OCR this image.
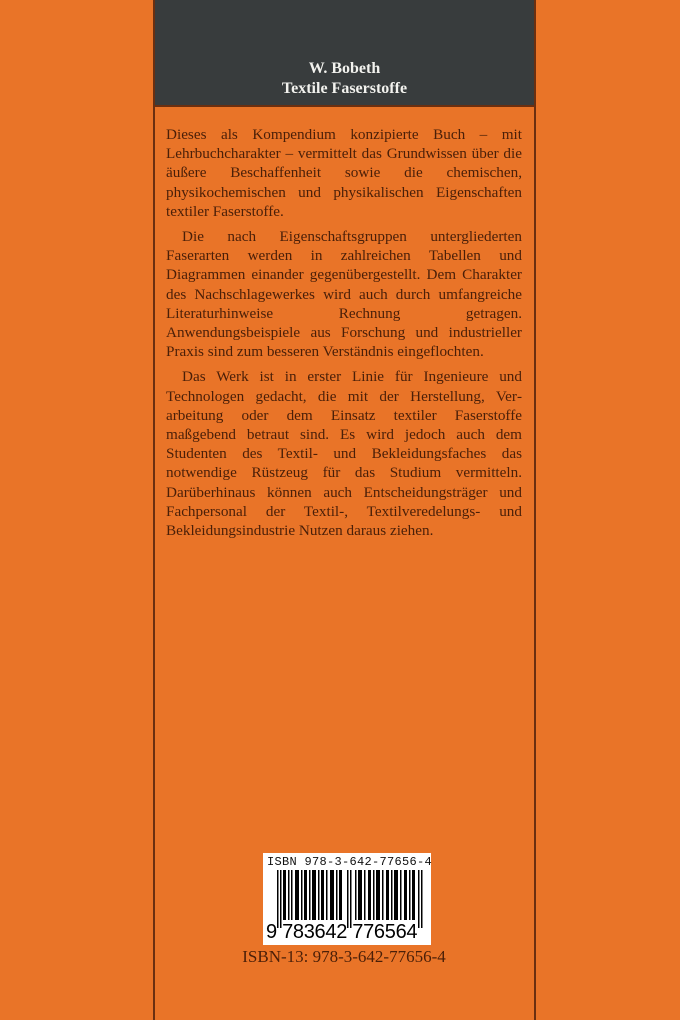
W. Bobeth
Textile Faserstoffe

Dieses als Kompendium konzipierte Buch – mit Lehrbuchcharakter – vermittelt das Grundwissen über die äußere Beschaffenheit sowie die chemischen, physikochemischen und physikalischen Eigenschaften textiler Faserstoffe.

Die nach Eigenschaftsgruppen untergliederten Faserarten werden in zahlreichen Tabellen und Diagrammen einander gegenübergestellt. Dem Charakter des Nachschlagewerkes wird auch durch umfangreiche Literaturhinweise Rechnung getragen. Anwendungsbeispiele aus Forschung und industrieller Praxis sind zum besseren Verständnis eingeflochten.

Das Werk ist in erster Linie für Ingenieure und Technologen gedacht, die mit der Herstellung, Verarbeitung oder dem Einsatz textiler Faserstoffe maßgebend betraut sind. Es wird jedoch auch dem Studenten des Textil- und Bekleidungsfaches das notwendige Rüstzeug für das Studium vermitteln. Darüberhinaus können auch Entscheidungsträger und Fachpersonal der Textil-, Textilveredelungs- und Bekleidungsindustrie Nutzen daraus ziehen.

ISBN 978-3-642-77656-4
9 783642 776564
ISBN-13: 978-3-642-77656-4
